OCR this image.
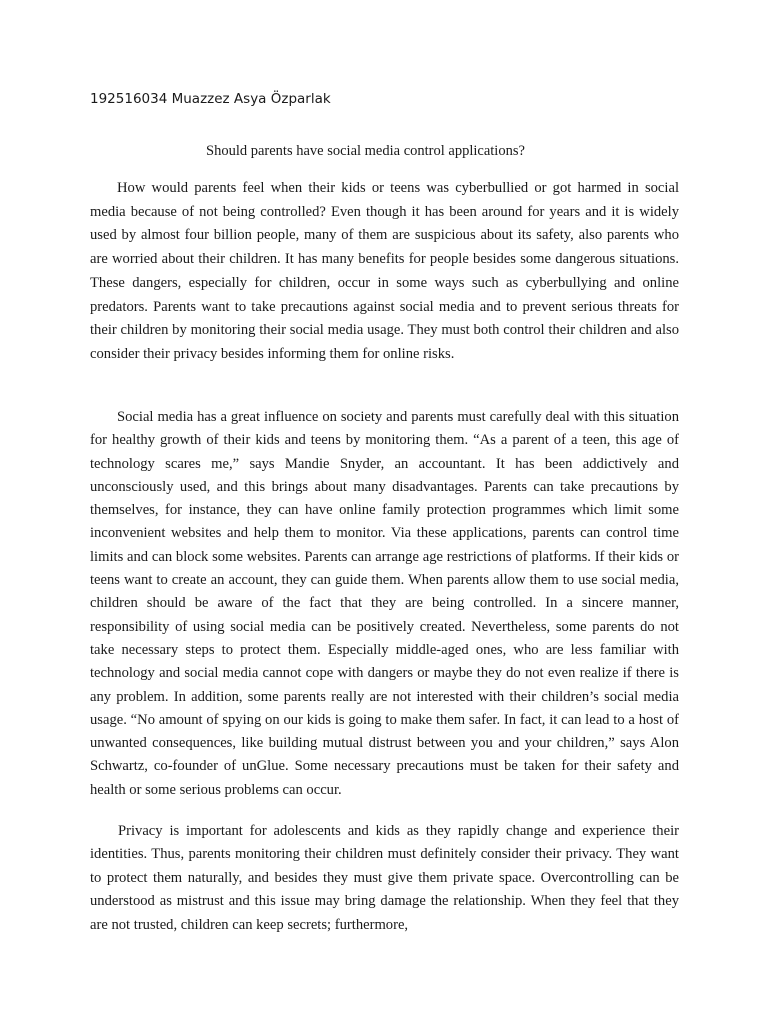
192516034 Muazzez Asya Özparlak
Should parents have social media control applications?

How would parents feel when their kids or teens was cyberbullied or got harmed in social media because of not being controlled? Even though it has been around for years and it is widely used by almost four billion people, many of them are suspicious about its safety, also parents who are worried about their children. It has many benefits for people besides some dangerous situations. These dangers, especially for children, occur in some ways such as cyberbullying and online predators. Parents want to take precautions against social media and to prevent serious threats for their children by monitoring their social media usage. They must both control their children and also consider their privacy besides informing them for online risks.

Social media has a great influence on society and parents must carefully deal with this situation for healthy growth of their kids and teens by monitoring them. “As a parent of a teen, this age of technology scares me,” says Mandie Snyder, an accountant. It has been addictively and unconsciously used, and this brings about many disadvantages. Parents can take precautions by themselves, for instance, they can have online family protection programmes which limit some inconvenient websites and help them to monitor. Via these applications, parents can control time limits and can block some websites. Parents can arrange age restrictions of platforms. If their kids or teens want to create an account, they can guide them. When parents allow them to use social media, children should be aware of the fact that they are being controlled. In a sincere manner, responsibility of using social media can be positively created. Nevertheless, some parents do not take necessary steps to protect them. Especially middle-aged ones, who are less familiar with technology and social media cannot cope with dangers or maybe they do not even realize if there is any problem. In addition, some parents really are not interested with their children’s social media usage. “No amount of spying on our kids is going to make them safer. In fact, it can lead to a host of unwanted consequences, like building mutual distrust between you and your children,” says Alon Schwartz, co-founder of unGlue. Some necessary precautions must be taken for their safety and health or some serious problems can occur.

Privacy is important for adolescents and kids as they rapidly change and experience their identities. Thus, parents monitoring their children must definitely consider their privacy. They want to protect them naturally, and besides they must give them private space. Overcontrolling can be understood as mistrust and this issue may bring damage the relationship. When they feel that they are not trusted, children can keep secrets; furthermore,
